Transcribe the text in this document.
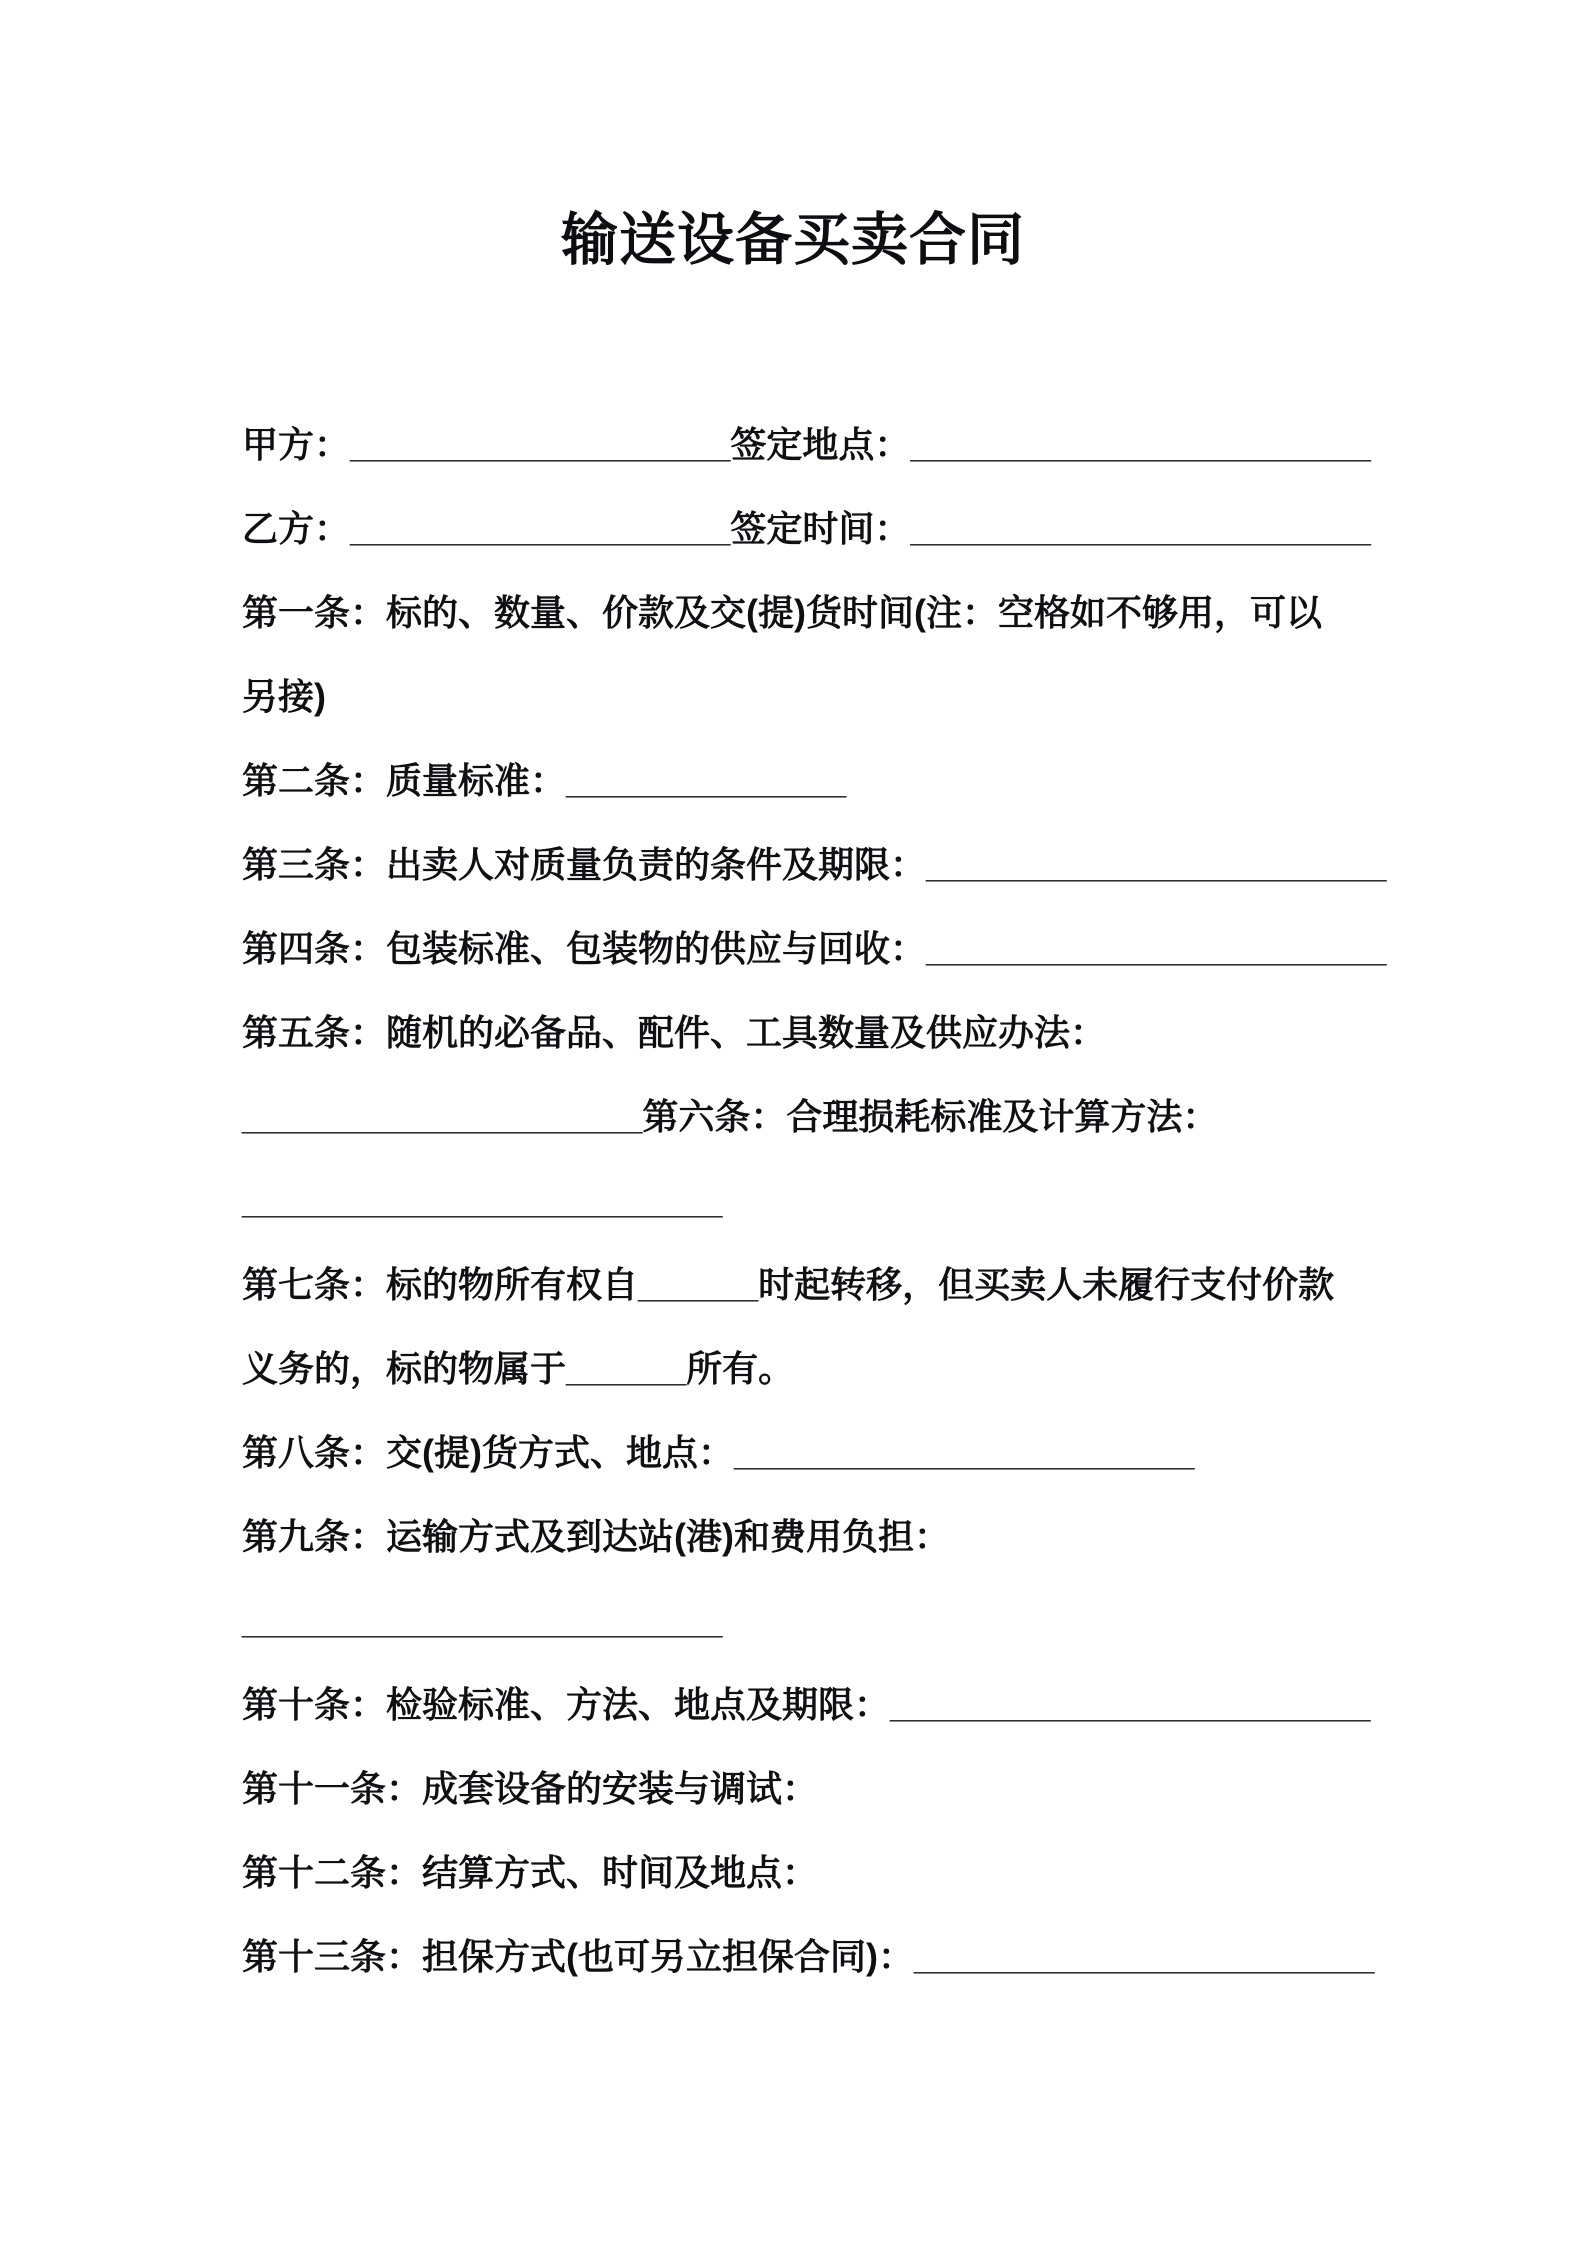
输送设备买卖合同
甲方：___________________签定地点：_______________________
乙方：___________________签定时间：_______________________
第一条：标的、数量、价款及交(提)货时间(注：空格如不够用，可以
另接)
第二条：质量标准：______________
第三条：出卖人对质量负责的条件及期限：_______________________
第四条：包装标准、包装物的供应与回收：_______________________
第五条：随机的必备品、配件、工具数量及供应办法：
____________________第六条：合理损耗标准及计算方法：
________________________
第七条：标的物所有权自______时起转移，但买卖人未履行支付价款
义务的，标的物属于______所有。
第八条：交(提)货方式、地点：_______________________
第九条：运输方式及到达站(港)和费用负担：
________________________
第十条：检验标准、方法、地点及期限：________________________
第十一条：成套设备的安装与调试：
第十二条：结算方式、时间及地点：
第十三条：担保方式(也可另立担保合同)：_______________________
